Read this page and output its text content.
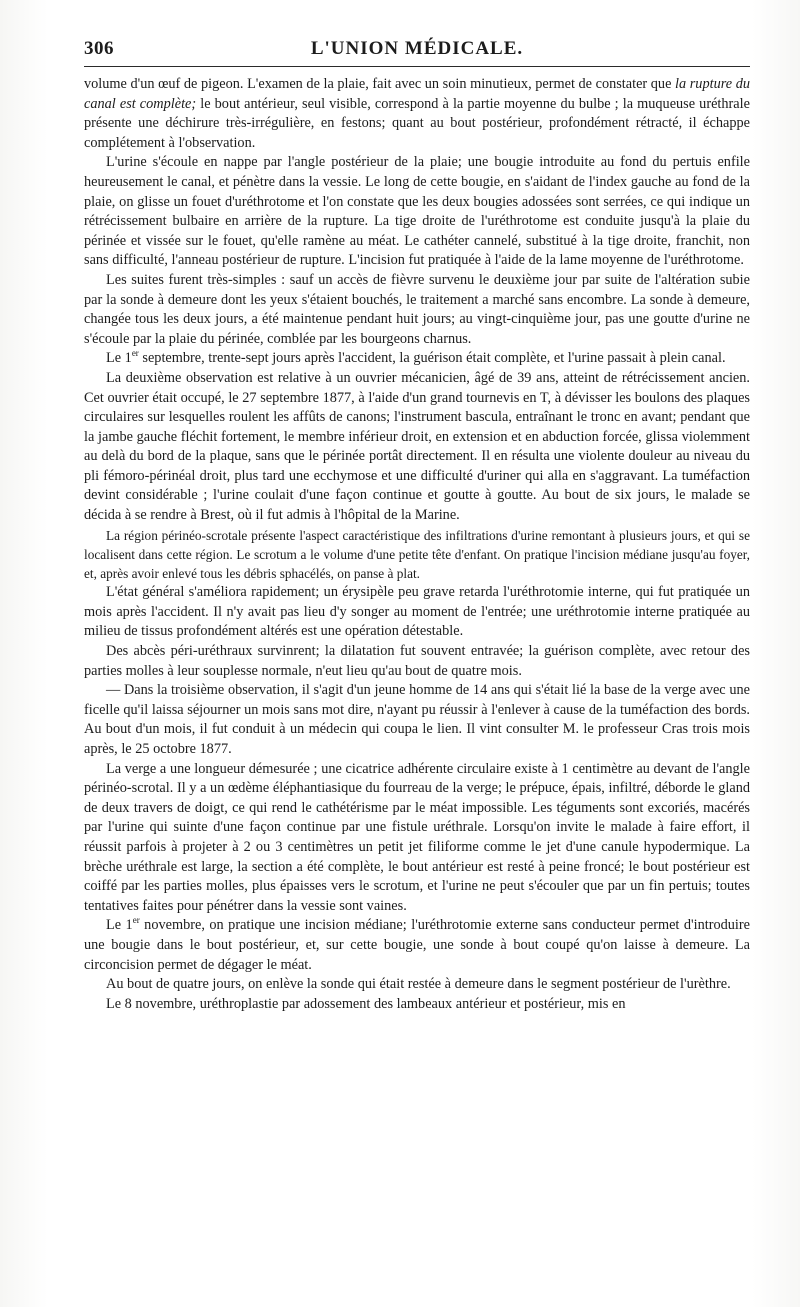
306	L'UNION MÉDICALE.

volume d'un œuf de pigeon. L'examen de la plaie, fait avec un soin minutieux, permet de constater que la rupture du canal est complète; le bout antérieur, seul visible, correspond à la partie moyenne du bulbe ; la muqueuse uréthrale présente une déchirure très-irrégulière, en festons; quant au bout postérieur, profondément rétracté, il échappe complétement à l'observation.

L'urine s'écoule en nappe par l'angle postérieur de la plaie; une bougie introduite au fond du pertuis enfile heureusement le canal, et pénètre dans la vessie. Le long de cette bougie, en s'aidant de l'index gauche au fond de la plaie, on glisse un fouet d'uréthrotome et l'on constate que les deux bougies adossées sont serrées, ce qui indique un rétrécissement bulbaire en arrière de la rupture. La tige droite de l'uréthrotome est conduite jusqu'à la plaie du périnée et vissée sur le fouet, qu'elle ramène au méat. Le cathéter cannelé, substitué à la tige droite, franchit, non sans difficulté, l'anneau postérieur de rupture. L'incision fut pratiquée à l'aide de la lame moyenne de l'uréthrotome.

Les suites furent très-simples : sauf un accès de fièvre survenu le deuxième jour par suite de l'altération subie par la sonde à demeure dont les yeux s'étaient bouchés, le traitement a marché sans encombre. La sonde à demeure, changée tous les deux jours, a été maintenue pendant huit jours; au vingt-cinquième jour, pas une goutte d'urine ne s'écoule par la plaie du périnée, comblée par les bourgeons charnus.

Le 1er septembre, trente-sept jours après l'accident, la guérison était complète, et l'urine passait à plein canal.

La deuxième observation est relative à un ouvrier mécanicien, âgé de 39 ans, atteint de rétrécissement ancien. Cet ouvrier était occupé, le 27 septembre 1877, à l'aide d'un grand tournevis en T, à dévisser les boulons des plaques circulaires sur lesquelles roulent les affûts de canons; l'instrument bascula, entraînant le tronc en avant; pendant que la jambe gauche fléchit fortement, le membre inférieur droit, en extension et en abduction forcée, glissa violemment au delà du bord de la plaque, sans que le périnée portât directement. Il en résulta une violente douleur au niveau du pli fémoro-périnéal droit, plus tard une ecchymose et une difficulté d'uriner qui alla en s'aggravant. La tuméfaction devint considérable ; l'urine coulait d'une façon continue et goutte à goutte. Au bout de six jours, le malade se décida à se rendre à Brest, où il fut admis à l'hôpital de la Marine.

La région périnéo-scrotale présente l'aspect caractéristique des infiltrations d'urine remontant à plusieurs jours, et qui se localisent dans cette région. Le scrotum a le volume d'une petite tête d'enfant. On pratique l'incision médiane jusqu'au foyer, et, après avoir enlevé tous les débris sphacélés, on panse à plat.

L'état général s'améliora rapidement; un érysipèle peu grave retarda l'uréthrotomie interne, qui fut pratiquée un mois après l'accident. Il n'y avait pas lieu d'y songer au moment de l'entrée; une uréthrotomie interne pratiquée au milieu de tissus profondément altérés est une opération détestable.

Des abcès péri-uréthraux survinrent; la dilatation fut souvent entravée; la guérison complète, avec retour des parties molles à leur souplesse normale, n'eut lieu qu'au bout de quatre mois.

— Dans la troisième observation, il s'agit d'un jeune homme de 14 ans qui s'était lié la base de la verge avec une ficelle qu'il laissa séjourner un mois sans mot dire, n'ayant pu réussir à l'enlever à cause de la tuméfaction des bords. Au bout d'un mois, il fut conduit à un médecin qui coupa le lien. Il vint consulter M. le professeur Cras trois mois après, le 25 octobre 1877.

La verge a une longueur démesurée ; une cicatrice adhérente circulaire existe à 1 centimètre au devant de l'angle périnéo-scrotal. Il y a un œdème éléphantiasique du fourreau de la verge; le prépuce, épais, infiltré, déborde le gland de deux travers de doigt, ce qui rend le cathétérisme par le méat impossible. Les téguments sont excoriés, macérés par l'urine qui suinte d'une façon continue par une fistule uréthrale. Lorsqu'on invite le malade à faire effort, il réussit parfois à projeter à 2 ou 3 centimètres un petit jet filiforme comme le jet d'une canule hypodermique. La brèche uréthrale est large, la section a été complète, le bout antérieur est resté à peine froncé; le bout postérieur est coiffé par les parties molles, plus épaisses vers le scrotum, et l'urine ne peut s'écouler que par un fin pertuis; toutes tentatives faites pour pénétrer dans la vessie sont vaines.

Le 1er novembre, on pratique une incision médiane; l'uréthrotomie externe sans conducteur permet d'introduire une bougie dans le bout postérieur, et, sur cette bougie, une sonde à bout coupé qu'on laisse à demeure. La circoncision permet de dégager le méat.

Au bout de quatre jours, on enlève la sonde qui était restée à demeure dans le segment postérieur de l'urèthre.

Le 8 novembre, uréthroplastie par adossement des lambeaux antérieur et postérieur, mis en
